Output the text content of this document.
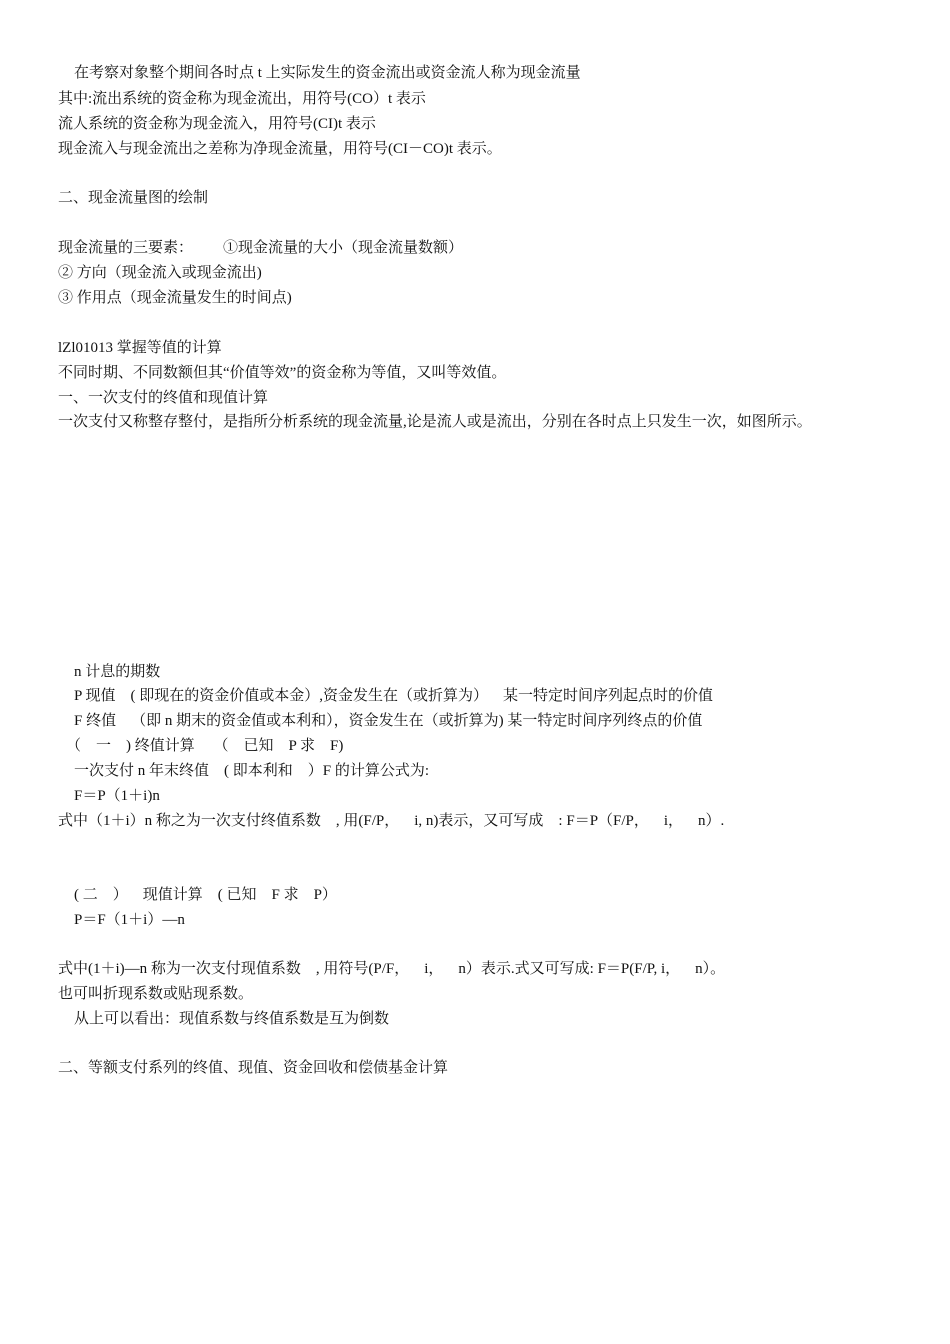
在考察对象整个期间各时点 t 上实际发生的资金流出或资金流人称为现金流量
其中:流出系统的资金称为现金流出，用符号(CO）t 表示
流人系统的资金称为现金流入，用符号(CI)t 表示
现金流入与现金流出之差称为净现金流量，用符号(CI－CO)t 表示。
二、现金流量图的绘制
现金流量的三要素：        ①现金流量的大小（现金流量数额）
② 方向（现金流入或现金流出)
③ 作用点（现金流量发生的时间点)
lZl01013 掌握等值的计算
不同时期、不同数额但其“价值等效”的资金称为等值，又叫等效值。
一、一次支付的终值和现值计算
一次支付又称整存整付，是指所分析系统的现金流量,论是流人或是流出，分别在各时点上只发生一次，如图所示。
n 计息的期数
P 现值    ( 即现在的资金价值或本金）,资金发生在（或折算为）    某一特定时间序列起点时的价值
F 终值    （即 n 期末的资金值或本利和），资金发生在（或折算为) 某一特定时间序列终点的价值
（    一    ) 终值计算     （    已知    P 求    F)
一次支付 n 年末终值    ( 即本利和    ）F 的计算公式为:
F＝P（1＋i)n
式中（1＋i）n 称之为一次支付终值系数    , 用(F/P，    i, n)表示，又可写成    : F＝P（F/P，    i，    n）.
( 二    ）    现值计算    ( 已知    F 求    P）
P＝F（1＋i）—n
式中(1＋i)—n 称为一次支付现值系数    , 用符号(P/F，    i，    n）表示.式又可写成: F＝P(F/P, i，    n）。
也可叫折现系数或贴现系数。
从上可以看出：现值系数与终值系数是互为倒数
二、等额支付系列的终值、现值、资金回收和偿债基金计算
